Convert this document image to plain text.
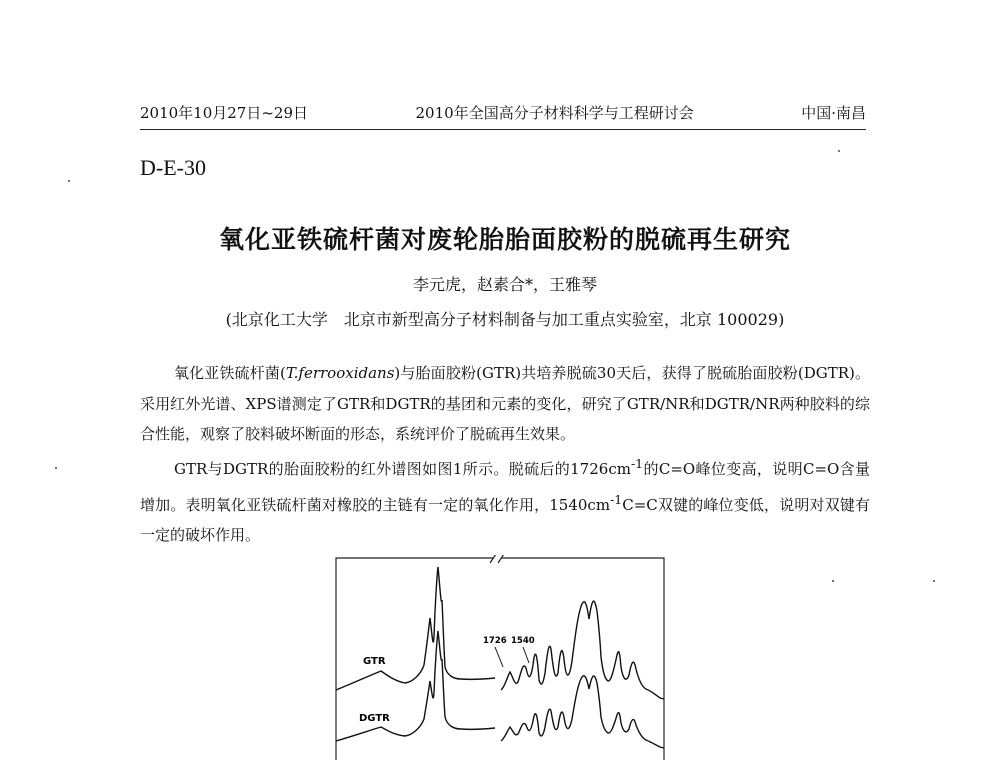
2010年10月27日~29日	2010年全国高分子材料科学与工程研讨会	中国·南昌
D-E-30
氧化亚铁硫杆菌对废轮胎胎面胶粉的脱硫再生研究
李元虎，赵素合*，王雅琴
(北京化工大学　北京市新型高分子材料制备与加工重点实验室，北京 100029)
氧化亚铁硫杆菌(T.ferrooxidans)与胎面胶粉(GTR)共培养脱硫30天后，获得了脱硫胎面胶粉(DGTR)。采用红外光谱、XPS谱测定了GTR和DGTR的基团和元素的变化，研究了GTR/NR和DGTR/NR两种胶料的综合性能，观察了胶料破坏断面的形态，系统评价了脱硫再生效果。
GTR与DGTR的胎面胶粉的红外谱图如图1所示。脱硫后的$1726cm^{-1}$的C=O峰位变高，说明C=O含量增加。表明氧化亚铁硫杆菌对橡胶的主链有一定的氧化作用，$1540cm^{-1}C=C$双键的峰位变低，说明对双键有一定的破坏作用。
GTR
DGTR
1726 1540
